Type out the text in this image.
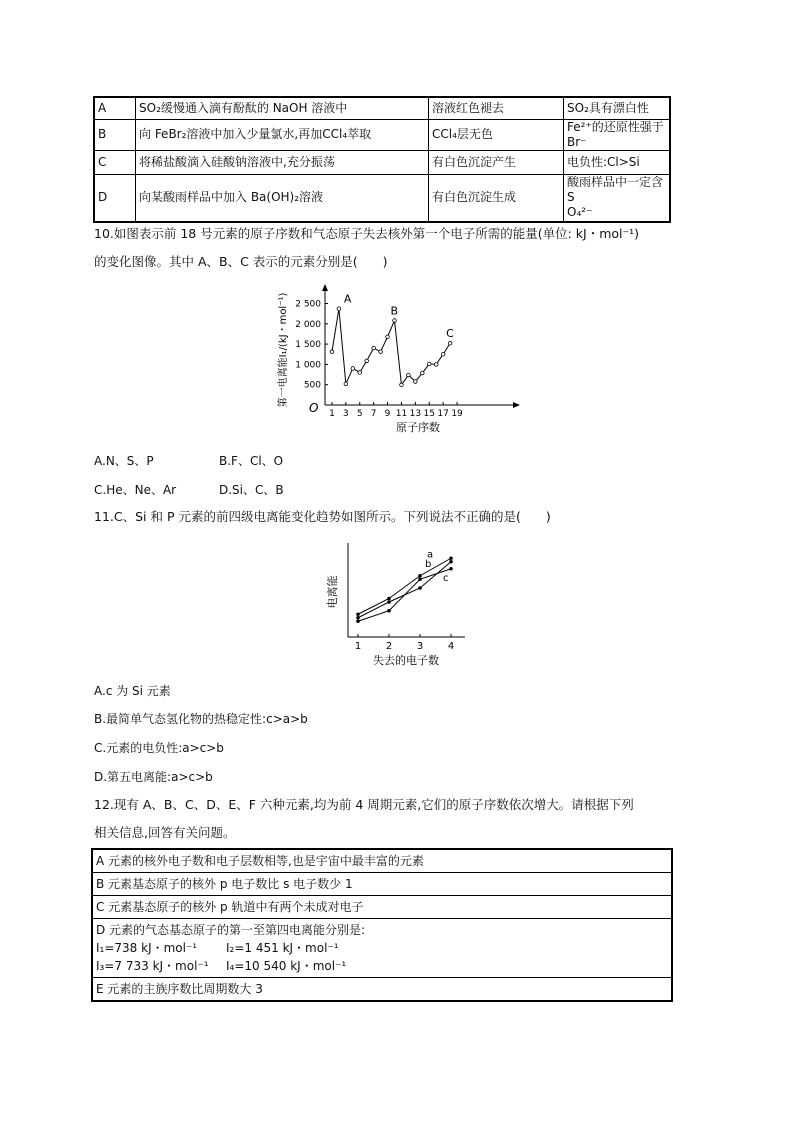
A	SO₂缓慢通入滴有酚酞的 NaOH 溶液中	溶液红色褪去	SO₂具有漂白性
B	向 FeBr₂溶液中加入少量氯水,再加CCl₄萃取	CCl₄层无色	Fe²⁺的还原性强于 Br⁻
C	将稀盐酸滴入硅酸钠溶液中,充分振荡	有白色沉淀产生	电负性:Cl>Si
D	向某酸雨样品中加入 Ba(OH)₂溶液	有白色沉淀生成	酸雨样品中一定含 S
O₄²⁻
10.如图表示前 18 号元素的原子序数和气态原子失去核外第一个电子所需的能量(单位: kJ・mol⁻¹)
的变化图像。其中 A、B、C 表示的元素分别是(　　)
O 1 3 5 7 9 11 13 15 17 19
500
1 000
1 500
2 000
2 500
原子序数
第一电离能I₁/(kJ・mol⁻¹)	A
B
C
A.N、S、P	B.F、Cl、O
C.He、Ne、Ar	D.Si、C、B
11.C、Si 和 P 元素的前四级电离能变化趋势如图所示。下列说法不正确的是(　　)
1 2 3 4
失去的电子数
电离能
a
b
c
A.c 为 Si 元素
B.最简单气态氢化物的热稳定性:c>a>b
C.元素的电负性:a>c>b
D.第五电离能:a>c>b
12.现有 A、B、C、D、E、F 六种元素,均为前 4 周期元素,它们的原子序数依次增大。请根据下列
相关信息,回答有关问题。
A 元素的核外电子数和电子层数相等,也是宇宙中最丰富的元素
B 元素基态原子的核外 p 电子数比 s 电子数少 1
C 元素基态原子的核外 p 轨道中有两个未成对电子

D 元素的气态基态原子的第一至第四电离能分别是:
I₁=738 kJ・mol⁻¹ I₂=1 451 kJ・mol⁻¹
I₃=7 733 kJ・mol⁻¹ I₄=10 540 kJ・mol⁻¹

E 元素的主族序数比周期数大 3
